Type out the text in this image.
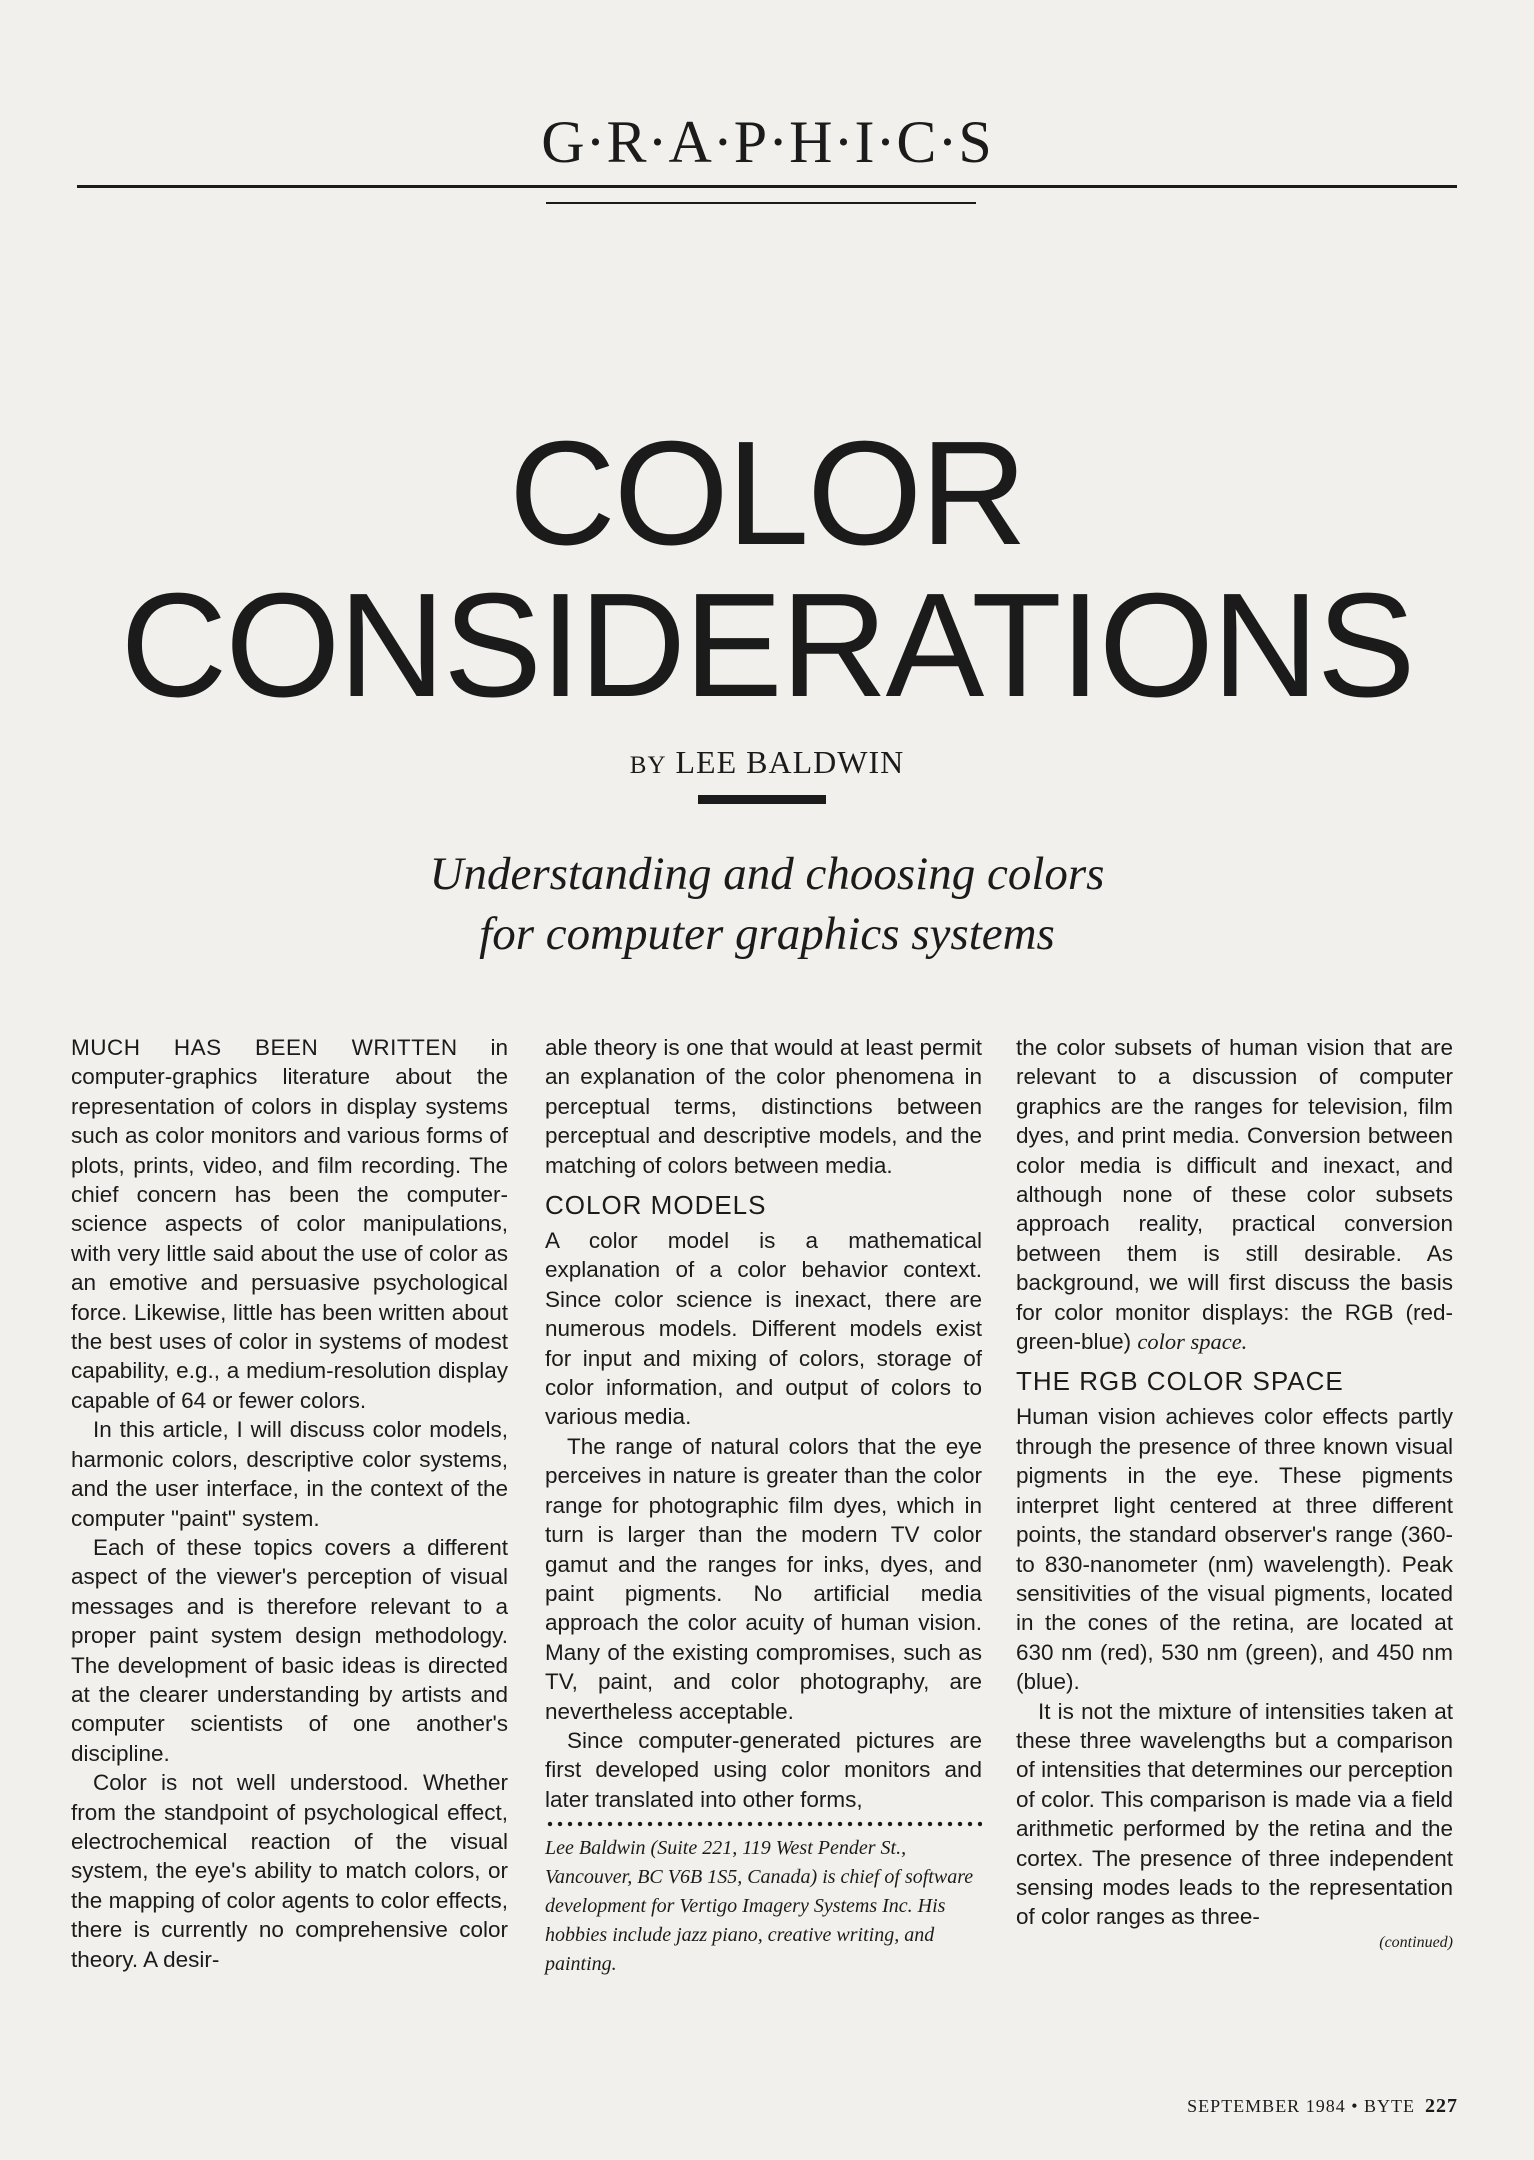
G·R·A·P·H·I·C·S
COLOR
CONSIDERATIONS
BY LEE BALDWIN
Understanding and choosing colors
for computer graphics systems

MUCH HAS BEEN WRITTEN in computer-graphics literature about the representation of colors in display systems such as color monitors and various forms of plots, prints, video, and film recording. The chief concern has been the computer-science aspects of color manipulations, with very little said about the use of color as an emotive and persuasive psychological force. Likewise, little has been written about the best uses of color in systems of modest capability, e.g., a medium-resolution display capable of 64 or fewer colors.

In this article, I will discuss color models, harmonic colors, descriptive color systems, and the user interface, in the context of the computer "paint" system.

Each of these topics covers a different aspect of the viewer's perception of visual messages and is therefore relevant to a proper paint system design methodology. The development of basic ideas is directed at the clearer understanding by artists and computer scientists of one another's discipline.

Color is not well understood. Whether from the standpoint of psychological effect, electrochemical reaction of the visual system, the eye's ability to match colors, or the mapping of color agents to color effects, there is currently no comprehensive color theory. A desir-

able theory is one that would at least permit an explanation of the color phenomena in perceptual terms, distinctions between perceptual and descriptive models, and the matching of colors between media.

COLOR MODELS

A color model is a mathematical explanation of a color behavior context. Since color science is inexact, there are numerous models. Different models exist for input and mixing of colors, storage of color information, and output of colors to various media.

The range of natural colors that the eye perceives in nature is greater than the color range for photographic film dyes, which in turn is larger than the modern TV color gamut and the ranges for inks, dyes, and paint pigments. No artificial media approach the color acuity of human vision. Many of the existing compromises, such as TV, paint, and color photography, are nevertheless acceptable.

Since computer-generated pictures are first developed using color monitors and later translated into other forms,

Lee Baldwin (Suite 221, 119 West Pender St., Vancouver, BC V6B 1S5, Canada) is chief of software development for Vertigo Imagery Systems Inc. His hobbies include jazz piano, creative writing, and painting.

the color subsets of human vision that are relevant to a discussion of computer graphics are the ranges for television, film dyes, and print media. Conversion between color media is difficult and inexact, and although none of these color subsets approach reality, practical conversion between them is still desirable. As background, we will first discuss the basis for color monitor displays: the RGB (red-green-blue) color space.

THE RGB COLOR SPACE

Human vision achieves color effects partly through the presence of three known visual pigments in the eye. These pigments interpret light centered at three different points, the standard observer's range (360- to 830-nanometer (nm) wavelength). Peak sensitivities of the visual pigments, located in the cones of the retina, are located at 630 nm (red), 530 nm (green), and 450 nm (blue).

It is not the mixture of intensities taken at these three wavelengths but a comparison of intensities that determines our perception of color. This comparison is made via a field arithmetic performed by the retina and the cortex. The presence of three independent sensing modes leads to the representation of color ranges as three-

(continued)
SEPTEMBER 1984 • BYTE 227
